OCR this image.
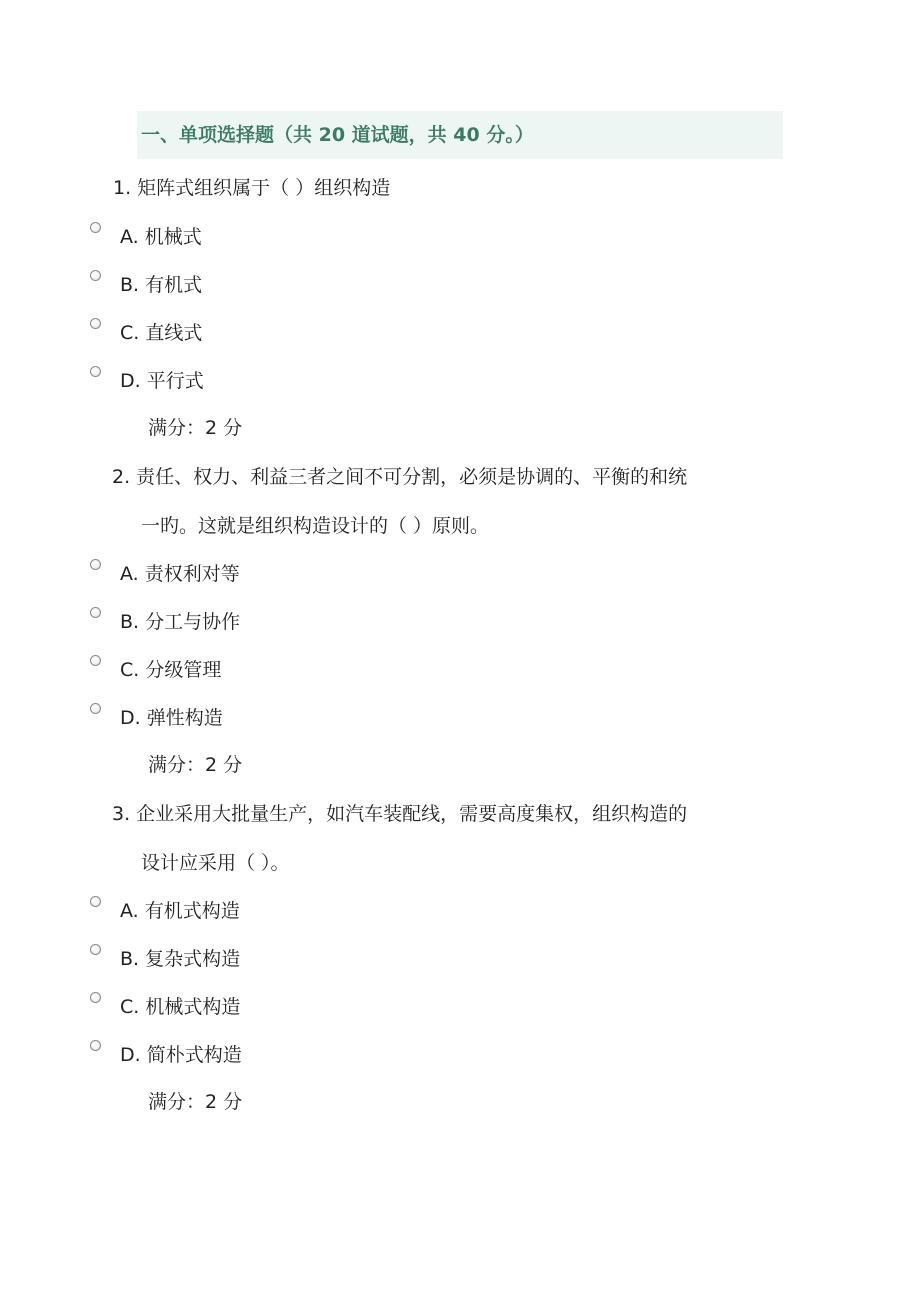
一、单项选择题（共 20 道试题，共 40 分。）
1. 矩阵式组织属于（ ）组织构造
A. 机械式
B. 有机式
C. 直线式
D. 平行式
满分：2 分
2. 责任、权力、利益三者之间不可分割，必须是协调的、平衡的和统
一旳。这就是组织构造设计的（ ）原则。
A. 责权利对等
B. 分工与协作
C. 分级管理
D. 弹性构造
满分：2 分
3. 企业采用大批量生产，如汽车装配线，需要高度集权，组织构造的
设计应采用（ ）。
A. 有机式构造
B. 复杂式构造
C. 机械式构造
D. 简朴式构造
满分：2 分
